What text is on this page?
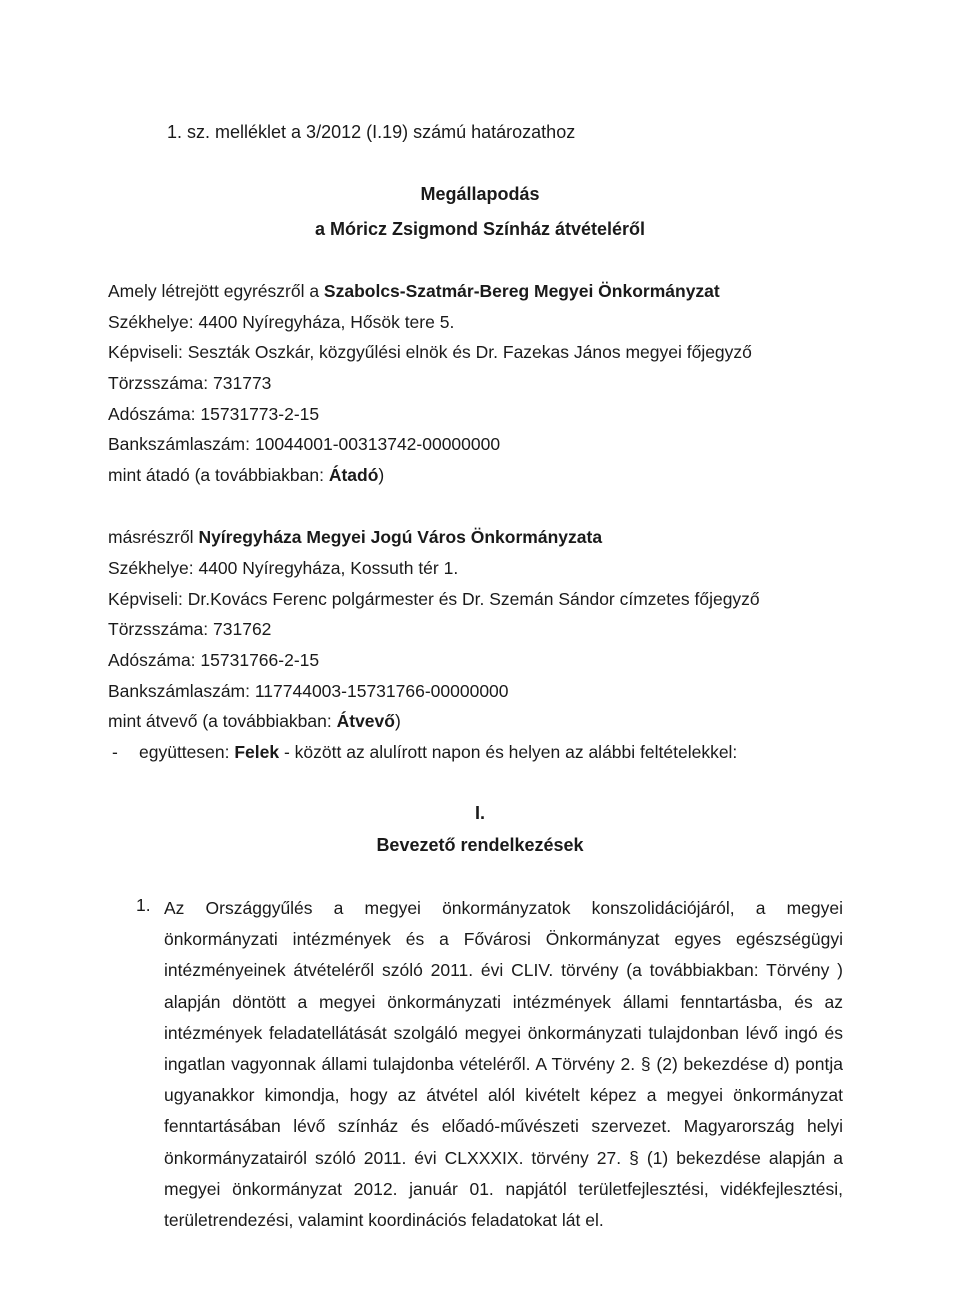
1. sz. melléklet a 3/2012 (I.19) számú határozathoz
Megállapodás
a Móricz Zsigmond Színház átvételéről
Amely létrejött egyrészről a Szabolcs-Szatmár-Bereg Megyei Önkormányzat
Székhelye: 4400 Nyíregyháza, Hősök tere 5.
Képviseli: Seszták Oszkár, közgyűlési elnök és Dr. Fazekas János megyei főjegyző
Törzsszáma: 731773
Adószáma: 15731773-2-15
Bankszámlaszám: 10044001-00313742-00000000
mint átadó (a továbbiakban: Átadó)
másrészről Nyíregyháza Megyei Jogú Város Önkormányzata
Székhelye: 4400 Nyíregyháza, Kossuth tér 1.
Képviseli: Dr.Kovács Ferenc polgármester és Dr. Szemán Sándor címzetes főjegyző
Törzsszáma: 731762
Adószáma: 15731766-2-15
Bankszámlaszám: 117744003-15731766-00000000
mint átvevő (a továbbiakban: Átvevő)
- együttesen: Felek - között az alulírott napon és helyen az alábbi feltételekkel:
I.
Bevezető rendelkezések
1. Az Országgyűlés a megyei önkormányzatok konszolidációjáról, a megyei önkormányzati intézmények és a Fővárosi Önkormányzat egyes egészségügyi intézményeinek átvételéről szóló 2011. évi CLIV. törvény (a továbbiakban: Törvény ) alapján döntött a megyei önkormányzati intézmények állami fenntartásba, és az intézmények feladatellátását szolgáló megyei önkormányzati tulajdonban lévő ingó és ingatlan vagyonnak állami tulajdonba vételéről. A Törvény 2. § (2) bekezdése d) pontja ugyanakkor kimondja, hogy az átvétel alól kivételt képez a megyei önkormányzat fenntartásában lévő színház és előadó-művészeti szervezet. Magyarország helyi önkormányzatairól szóló 2011. évi CLXXXIX. törvény 27. § (1) bekezdése alapján a megyei önkormányzat 2012. január 01. napjától területfejlesztési, vidékfejlesztési, területrendezési, valamint koordinációs feladatokat lát el.
